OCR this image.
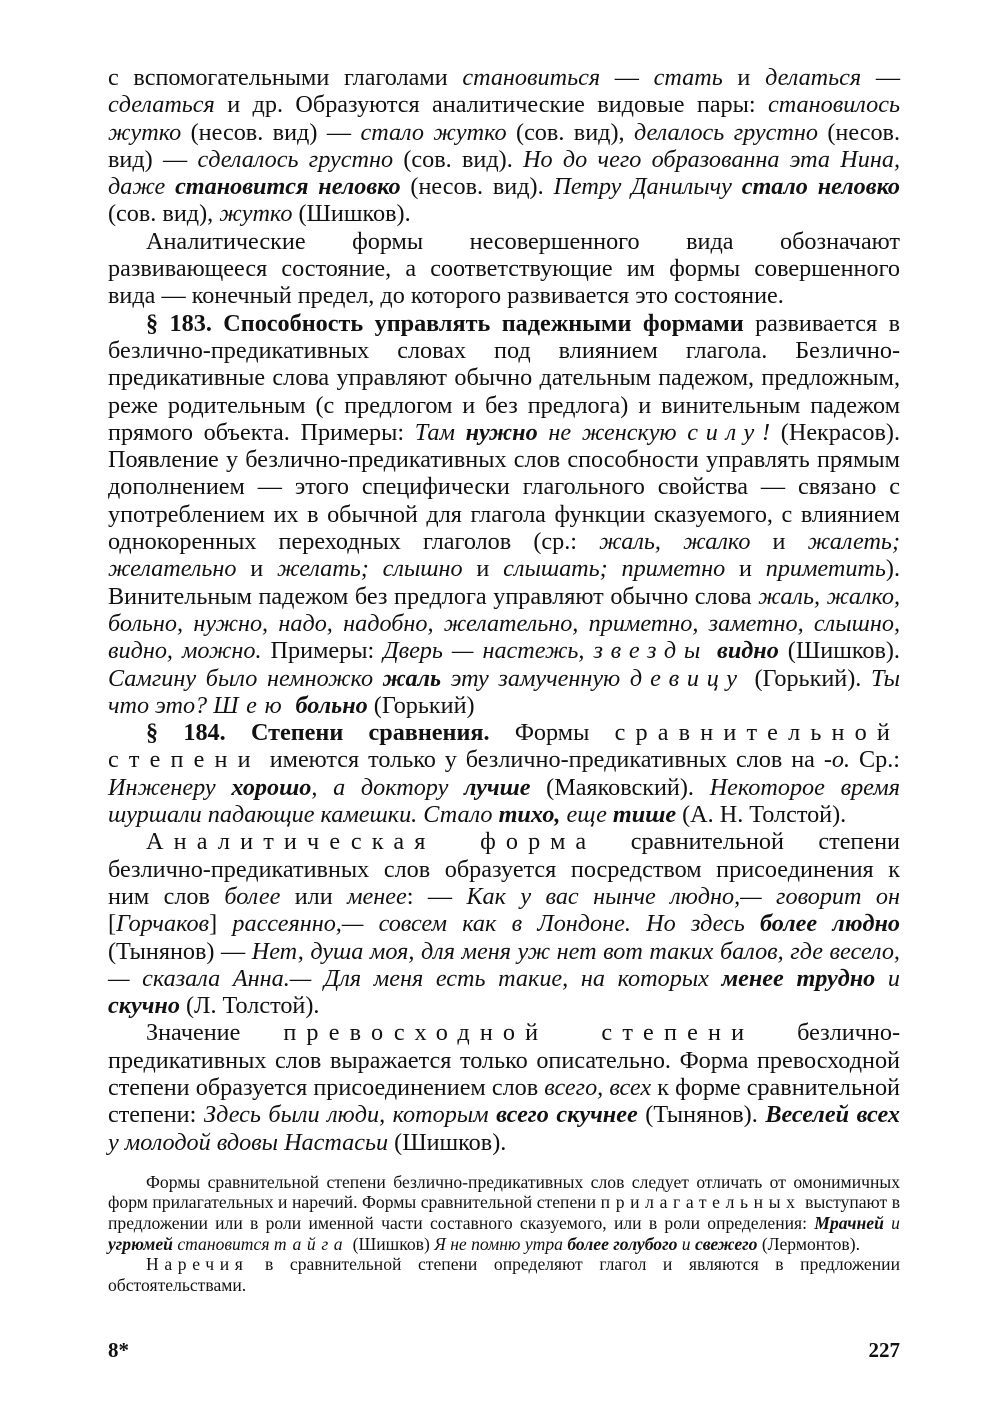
с вспомогательными глаголами становиться — стать и делаться — сделаться и др. Образуются аналитические видовые пары: становилось жутко (несов. вид) — стало жутко (сов. вид), делалось грустно (несов. вид) — сделалось грустно (сов. вид). Но до чего образованна эта Нина, даже становится неловко (несов. вид). Петру Данилычу стало неловко (сов. вид), жутко (Шишков).

Аналитические формы несовершенного вида обозначают развивающееся состояние, а соответствующие им формы совершенного вида — конечный предел, до которого развивается это состояние.

§ 183. Способность управлять падежными формами развивается в безлично-предикативных словах под влиянием глагола. Безлично-предикативные слова управляют обычно дательным падежом, предложным, реже родительным (с предлогом и без предлога) и винительным падежом прямого объекта. Примеры: Там нужно не женскую силу! (Некрасов). Появление у безлично-предикативных слов способности управлять прямым дополнением — этого специфически глагольного свойства — связано с употреблением их в обычной для глагола функции сказуемого, с влиянием однокоренных переходных глаголов (ср.: жаль, жалко и жалеть; желательно и желать; слышно и слышать; приметно и приметить). Винительным падежом без предлога управляют обычно слова жаль, жалко, больно, нужно, надо, надобно, желательно, приметно, заметно, слышно, видно, можно. Примеры: Дверь — настежь, звезды видно (Шишков). Самгину было немножко жаль эту замученную девицу (Горький). Ты что это? Шею больно (Горький)

§ 184. Степени сравнения. Формы сравнительной степени имеются только у безлично-предикативных слов на -о. Ср.: Инженеру хорошо, а доктору лучше (Маяковский). Некоторое время шуршали падающие камешки. Стало тихо, еще тише (А. Н. Толстой).

Аналитическая форма сравнительной степени безлично-предикативных слов образуется посредством присоединения к ним слов более или менее: — Как у вас нынче людно,— говорит он [Горчаков] рассеянно,— совсем как в Лондоне. Но здесь более людно (Тынянов) — Нет, душа моя, для меня уж нет вот таких балов, где весело,— сказала Анна.— Для меня есть такие, на которых менее трудно и скучно (Л. Толстой).

Значение превосходной степени безлично-предикативных слов выражается только описательно. Форма превосходной степени образуется присоединением слов всего, всех к форме сравнительной степени: Здесь были люди, которым всего скучнее (Тынянов). Веселей всех у молодой вдовы Настасьи (Шишков).

Формы сравнительной степени безлично-предикативных слов следует отличать от омонимичных форм прилагательных и наречий. Формы сравнительной степени прилагательных выступают в предложении или в роли именной части составного сказуемого, или в роли определения: Мрачней и угрюмей становится тайга (Шишков) Я не помню утра более голубого и свежего (Лермонтов).

Наречия в сравнительной степени определяют глагол и являются в предложении обстоятельствами.

8*	227
